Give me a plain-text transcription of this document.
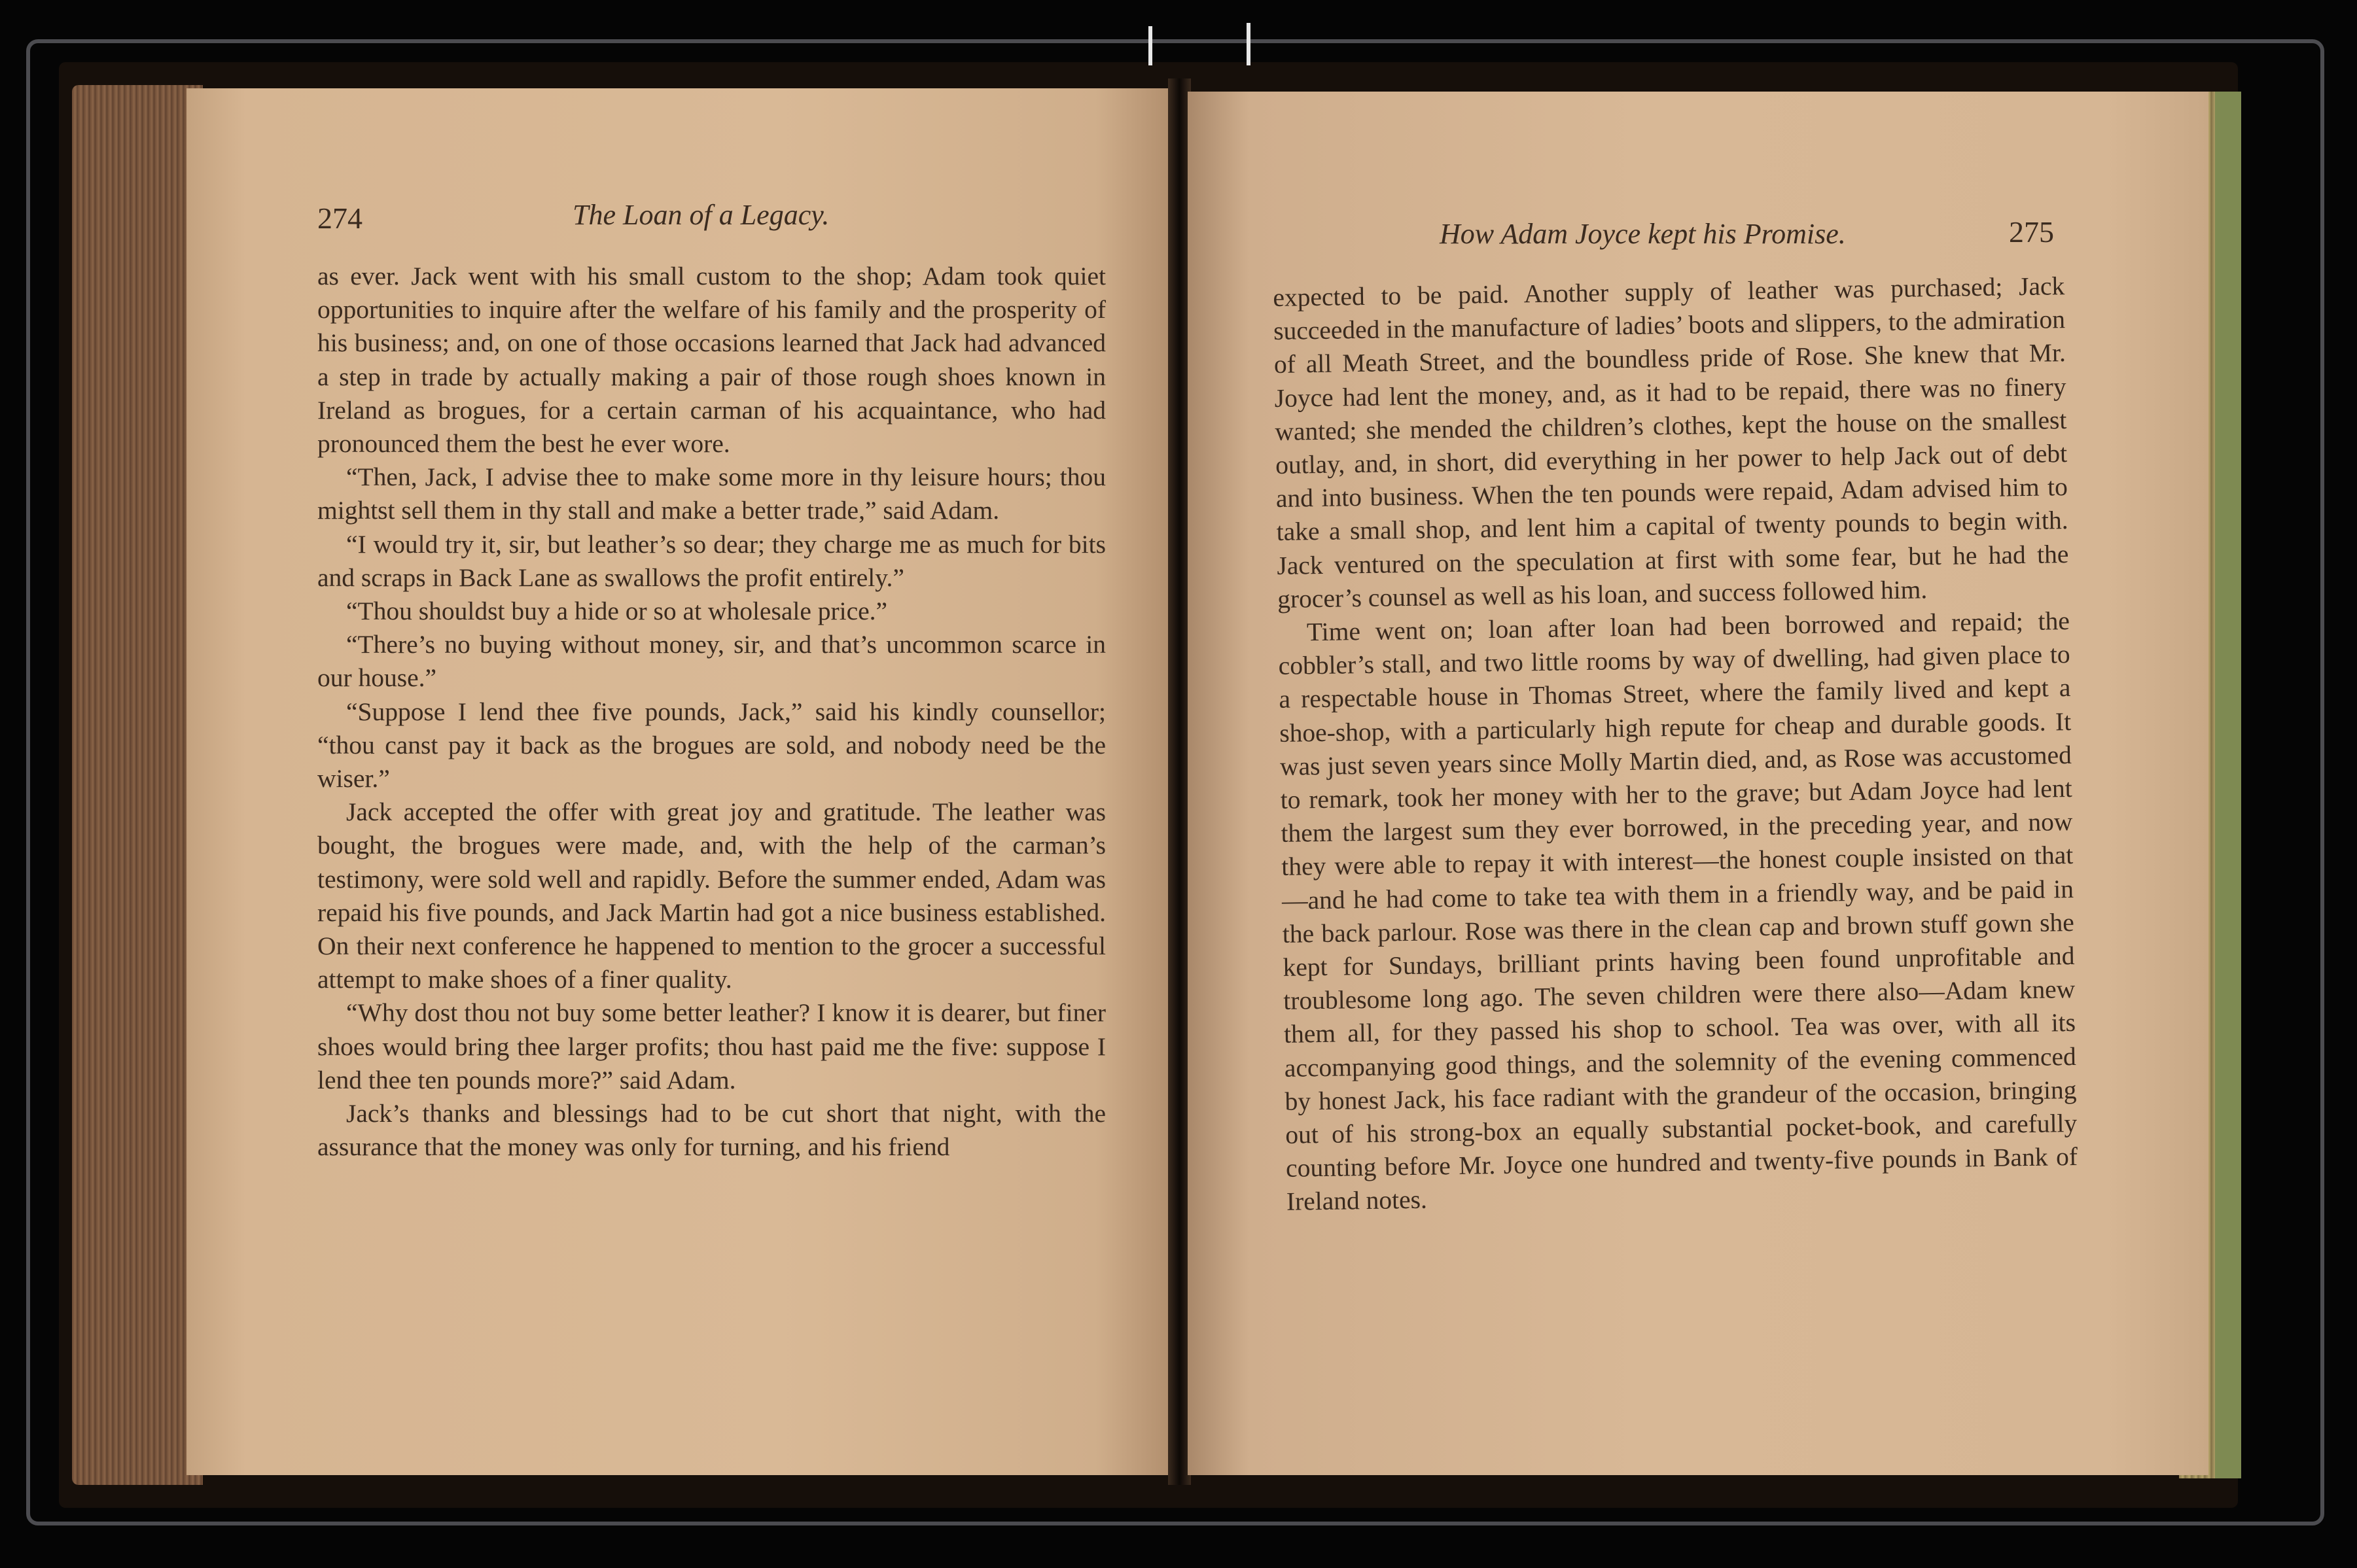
274	The Loan of a Legacy.

as ever. Jack went with his small custom to the shop; Adam took quiet opportunities to inquire after the welfare of his family and the prosperity of his business; and, on one of those occasions learned that Jack had advanced a step in trade by actually making a pair of those rough shoes known in Ireland as brogues, for a certain carman of his acquaintance, who had pronounced them the best he ever wore.

“Then, Jack, I advise thee to make some more in thy leisure hours; thou mightst sell them in thy stall and make a better trade,” said Adam.

“I would try it, sir, but leather’s so dear; they charge me as much for bits and scraps in Back Lane as swallows the profit entirely.”

“Thou shouldst buy a hide or so at wholesale price.”

“There’s no buying without money, sir, and that’s uncommon scarce in our house.”

“Suppose I lend thee five pounds, Jack,” said his kindly counsellor; “thou canst pay it back as the brogues are sold, and nobody need be the wiser.”

Jack accepted the offer with great joy and gratitude. The leather was bought, the brogues were made, and, with the help of the carman’s testimony, were sold well and rapidly. Before the summer ended, Adam was repaid his five pounds, and Jack Martin had got a nice business established. On their next conference he happened to mention to the grocer a successful attempt to make shoes of a finer quality.

“Why dost thou not buy some better leather? I know it is dearer, but finer shoes would bring thee larger profits; thou hast paid me the five: suppose I lend thee ten pounds more?” said Adam.

Jack’s thanks and blessings had to be cut short that night, with the assurance that the money was only for turning, and his friend

How Adam Joyce kept his Promise.	275

expected to be paid. Another supply of leather was purchased; Jack succeeded in the manufacture of ladies’ boots and slippers, to the admiration of all Meath Street, and the boundless pride of Rose. She knew that Mr. Joyce had lent the money, and, as it had to be repaid, there was no finery wanted; she mended the children’s clothes, kept the house on the smallest outlay, and, in short, did everything in her power to help Jack out of debt and into business. When the ten pounds were repaid, Adam advised him to take a small shop, and lent him a capital of twenty pounds to begin with. Jack ventured on the speculation at first with some fear, but he had the grocer’s counsel as well as his loan, and success followed him.

Time went on; loan after loan had been borrowed and repaid; the cobbler’s stall, and two little rooms by way of dwelling, had given place to a respectable house in Thomas Street, where the family lived and kept a shoe-shop, with a particularly high repute for cheap and durable goods. It was just seven years since Molly Martin died, and, as Rose was accustomed to remark, took her money with her to the grave; but Adam Joyce had lent them the largest sum they ever borrowed, in the preceding year, and now they were able to repay it with interest—the honest couple insisted on that—and he had come to take tea with them in a friendly way, and be paid in the back parlour. Rose was there in the clean cap and brown stuff gown she kept for Sundays, brilliant prints having been found unprofitable and troublesome long ago. The seven children were there also—Adam knew them all, for they passed his shop to school. Tea was over, with all its accompanying good things, and the solemnity of the evening commenced by honest Jack, his face radiant with the grandeur of the occasion, bringing out of his strong-box an equally substantial pocket-book, and carefully counting before Mr. Joyce one hundred and twenty-five pounds in Bank of Ireland notes.
